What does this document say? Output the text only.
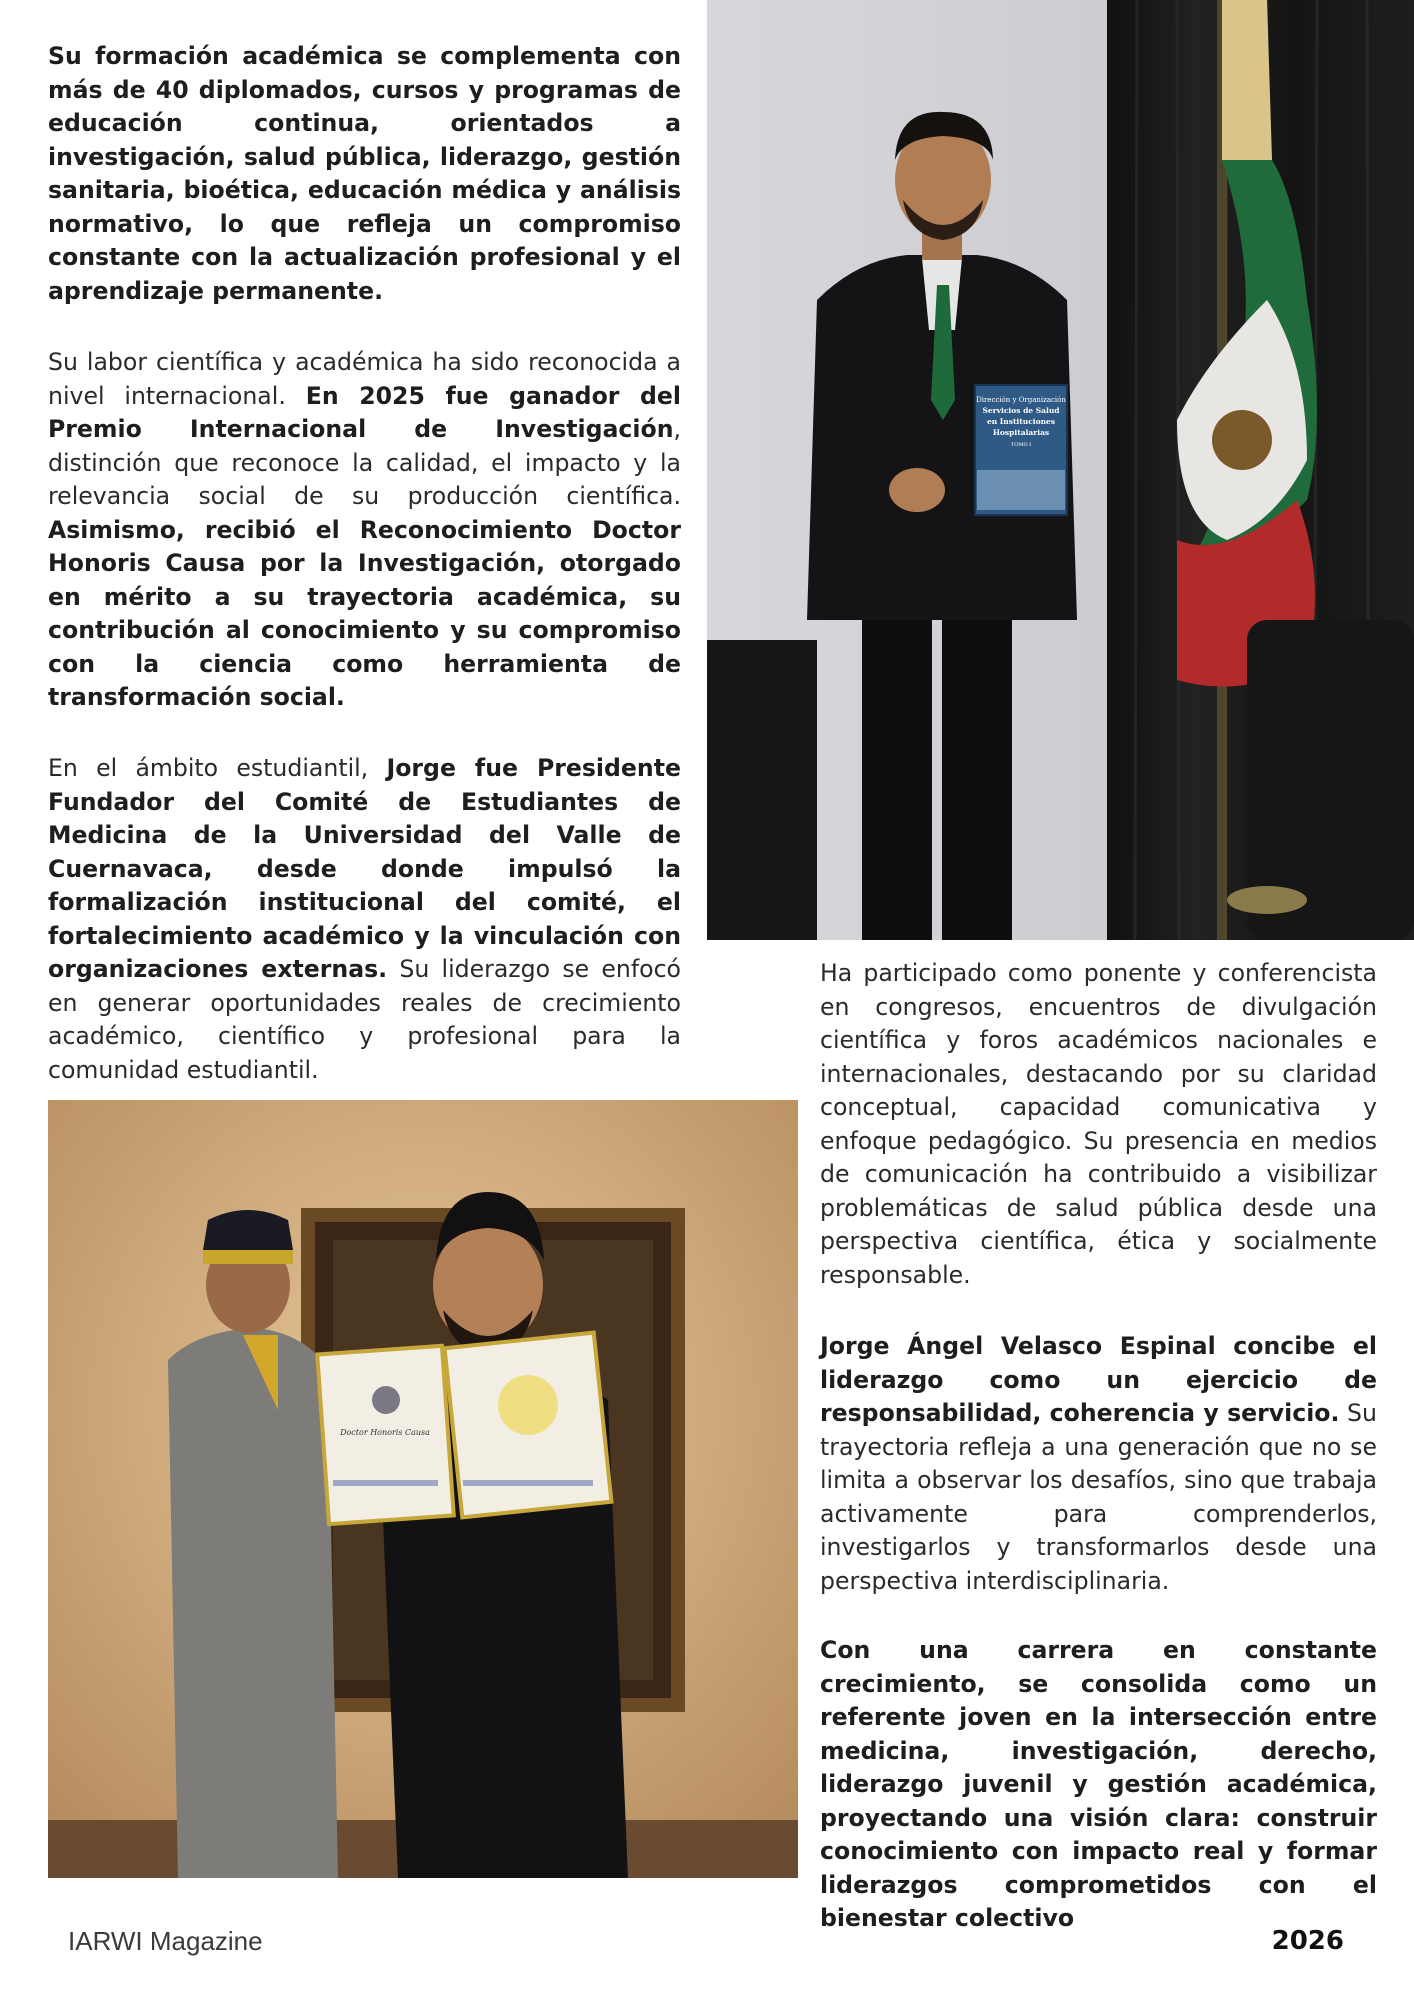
Su formación académica se complementa con más de 40 diplomados, cursos y programas de educación continua, orientados a investigación, salud pública, liderazgo, gestión sanitaria, bioética, educación médica y análisis normativo, lo que refleja un compromiso constante con la actualización profesional y el aprendizaje permanente.

Su labor científica y académica ha sido reconocida a nivel internacional. En 2025 fue ganador del Premio Internacional de Investigación, distinción que reconoce la calidad, el impacto y la relevancia social de su producción científica. Asimismo, recibió el Reconocimiento Doctor Honoris Causa por la Investigación, otorgado en mérito a su trayectoria académica, su contribución al conocimiento y su compromiso con la ciencia como herramienta de transformación social.

En el ámbito estudiantil, Jorge fue Presidente Fundador del Comité de Estudiantes de Medicina de la Universidad del Valle de Cuernavaca, desde donde impulsó la formalización institucional del comité, el fortalecimiento académico y la vinculación con organizaciones externas. Su liderazgo se enfocó en generar oportunidades reales de crecimiento académico, científico y profesional para la comunidad estudiantil.

Dirección y Organización
Servicios de Salud
en Instituciones
Hospitalarias
TOMO I

Ha participado como ponente y conferencista en congresos, encuentros de divulgación científica y foros académicos nacionales e internacionales, destacando por su claridad conceptual, capacidad comunicativa y enfoque pedagógico. Su presencia en medios de comunicación ha contribuido a visibilizar problemáticas de salud pública desde una perspectiva científica, ética y socialmente responsable.

Doctor Honoris Causa

Jorge Ángel Velasco Espinal concibe el liderazgo como un ejercicio de responsabilidad, coherencia y servicio. Su trayectoria refleja a una generación que no se limita a observar los desafíos, sino que trabaja activamente para comprenderlos, investigarlos y transformarlos desde una perspectiva interdisciplinaria.

Con una carrera en constante crecimiento, se consolida como un referente joven en la intersección entre medicina, investigación, derecho, liderazgo juvenil y gestión académica, proyectando una visión clara: construir conocimiento con impacto real y formar liderazgos comprometidos con el bienestar colectivo

IARWI Magazine	2026
